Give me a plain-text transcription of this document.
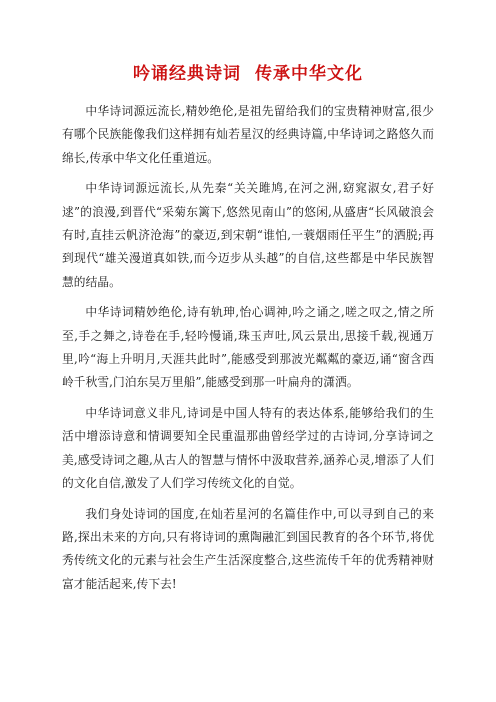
吟诵经典诗词 传承中华文化

中华诗词源远流长,精妙绝伦,是祖先留给我们的宝贵精神财富,很少有哪个民族能像我们这样拥有灿若星汉的经典诗篇,中华诗词之路悠久而绵长,传承中华文化任重道远。

中华诗词源远流长,从先秦“关关雎鸠,在河之洲,窈窕淑女,君子好逑”的浪漫,到晋代“采菊东篱下,悠然见南山”的悠闲,从盛唐“长风破浪会有时,直挂云帆济沧海”的豪迈,到宋朝“谁怕,一蓑烟雨任平生”的洒脱;再到现代“雄关漫道真如铁,而今迈步从头越”的自信,这些都是中华民族智慧的结晶。

中华诗词精妙绝伦,诗有轨珅,怡心调神,吟之诵之,嗟之叹之,情之所至,手之舞之,诗卷在手,轻吟慢诵,珠玉声吐,风云景出,思接千载,视通万里,吟“海上升明月,天涯共此时”,能感受到那波光粼粼的豪迈,诵“窗含西岭千秋雪,门泊东吴万里船”,能感受到那一叶扁舟的潇洒。

中华诗词意义非凡,诗词是中国人特有的表达体系,能够给我们的生活中增添诗意和情调要知全民重温那曲曾经学过的古诗词,分享诗词之美,感受诗词之趣,从古人的智慧与情怀中汲取营养,涵养心灵,增添了人们的文化自信,激发了人们学习传统文化的自觉。

我们身处诗词的国度,在灿若星河的名篇佳作中,可以寻到自己的来路,探出未来的方向,只有将诗词的熏陶融汇到国民教育的各个环节,将优秀传统文化的元素与社会生产生活深度整合,这些流传千年的优秀精神财富才能活起来,传下去!
